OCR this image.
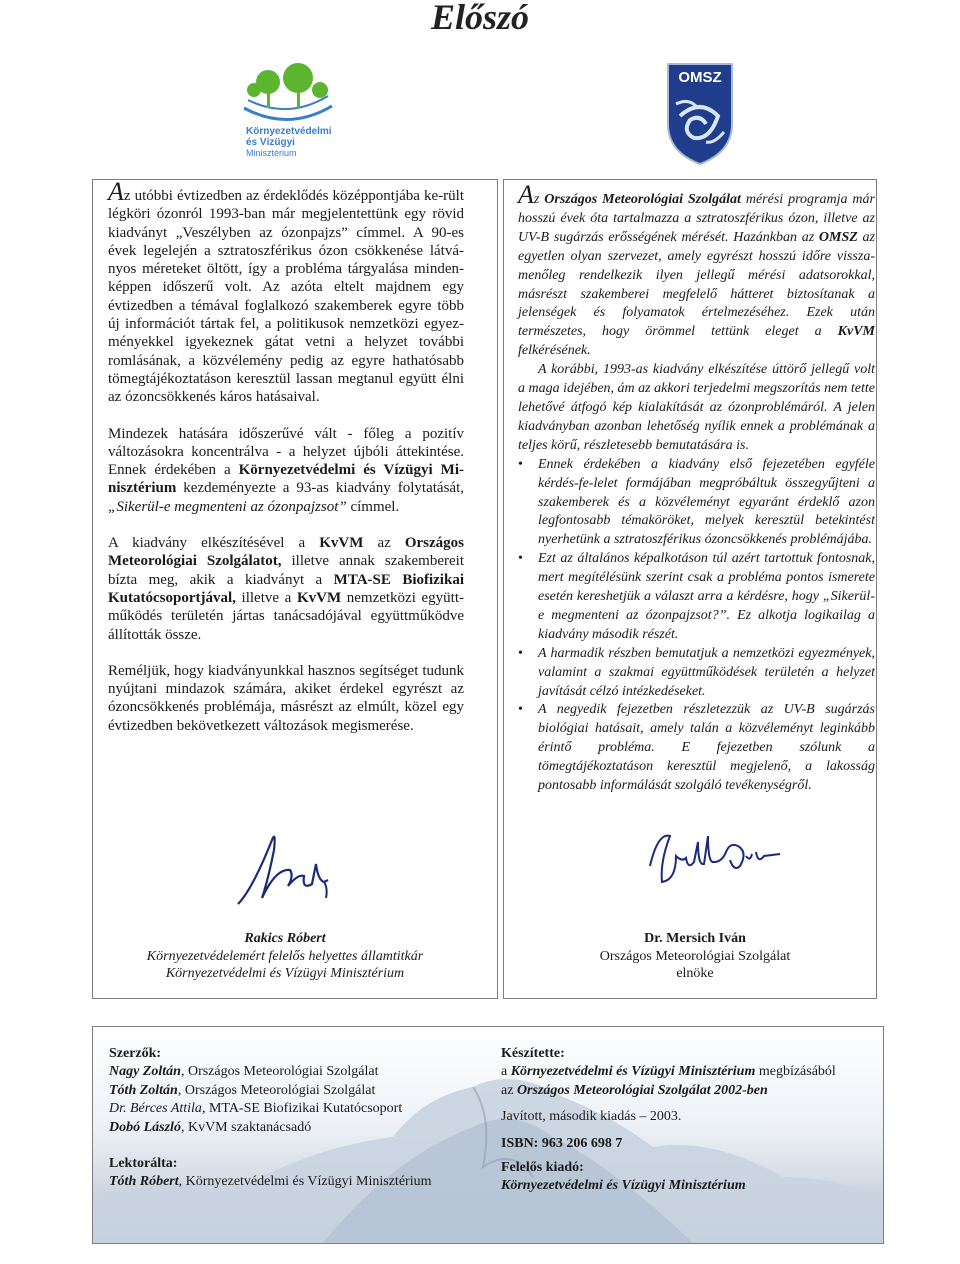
Előszó
Környezetvédelmi
és Vízügyi
Minisztérium
OMSZ

Az utóbbi évtizedben az érdeklődés középpontjába ke-rült légköri ózonról 1993-ban már megjelentettünk egy rövid kiadványt „Veszélyben az ózonpajzs” címmel. A 90-es évek legelején a sztratoszférikus ózon csökkenése látvá-nyos méreteket öltött, így a probléma tárgyalása minden-képpen időszerű volt. Az azóta eltelt majdnem egy évtizedben a témával foglalkozó szakemberek egyre több új információt tártak fel, a politikusok nemzetközi egyez-ményekkel igyekeznek gátat vetni a helyzet további romlásának, a közvélemény pedig az egyre hathatósabb tömegtájékoztatáson keresztül lassan megtanul együtt élni az ózoncsökkenés káros hatásaival.

Mindezek hatására időszerűvé vált - főleg a pozitív változásokra koncentrálva - a helyzet újbóli áttekintése. Ennek érdekében a Környezetvédelmi és Vízügyi Mi-nisztérium kezdeményezte a 93-as kiadvány folytatását, „Sikerül-e megmenteni az ózonpajzsot” címmel.

A kiadvány elkészítésével a KvVM az Országos Meteorológiai Szolgálatot, illetve annak szakembereit bízta meg, akik a kiadványt a MTA-SE Biofizikai Kutatócsoportjával, illetve a KvVM nemzetközi együtt-működés területén jártas tanácsadójával együttműködve állították össze.

Reméljük, hogy kiadványunkkal hasznos segítséget tudunk nyújtani mindazok számára, akiket érdekel egyrészt az ózoncsökkenés problémája, másrészt az elmúlt, közel egy évtizedben bekövetkezett változások megismerése.

Az Országos Meteorológiai Szolgálat mérési programja már hosszú évek óta tartalmazza a sztratoszférikus ózon, illetve az UV-B sugárzás erősségének mérését. Hazánkban az OMSZ az egyetlen olyan szervezet, amely egyrészt hosszú időre vissza-menőleg rendelkezik ilyen jellegű mérési adatsorokkal, másrészt szakemberei megfelelő hátteret biztosítanak a jelenségek és folyamatok értelmezéséhez. Ezek után természetes, hogy örömmel tettünk eleget a KvVM felkérésének.

A korábbi, 1993-as kiadvány elkészítése úttörő jellegű volt a maga idejében, ám az akkori terjedelmi megszorítás nem tette lehetővé átfogó kép kialakítását az ózonproblémáról. A jelen kiadványban azonban lehetőség nyílik ennek a problémának a teljes körű, részletesebb bemutatására is.

• Ennek érdekében a kiadvány első fejezetében egyféle kérdés-fe-lelet formájában megpróbáltuk összegyűjteni a szakemberek és a közvéleményt egyaránt érdeklő azon legfontosabb témaköröket, melyek keresztül betekintést nyerhetünk a sztratoszférikus ózoncsökkenés problémájába.
• Ezt az általános képalkotáson túl azért tartottuk fontosnak, mert megítélésünk szerint csak a probléma pontos ismerete esetén kereshetjük a választ arra a kérdésre, hogy „Sikerül-e megmenteni az ózonpajzsot?”. Ez alkotja logikailag a kiadvány második részét.
• A harmadik részben bemutatjuk a nemzetközi egyezmények, valamint a szakmai együttműködések területén a helyzet javítását célzó intézkedéseket.
• A negyedik fejezetben részletezzük az UV-B sugárzás biológiai hatásait, amely talán a közvéleményt leginkább érintő probléma. E fejezetben szólunk a tömegtájékoztatáson keresztül megjelenő, a lakosság pontosabb informálását szolgáló tevékenységről.
Rakics Róbert
Környezetvédelemért felelős helyettes államtitkár
Környezetvédelmi és Vízügyi Minisztérium
Dr. Mersich Iván
Országos Meteorológiai Szolgálat
elnöke
Szerzők:
Nagy Zoltán, Országos Meteorológiai Szolgálat
Tóth Zoltán, Országos Meteorológiai Szolgálat
Dr. Bérces Attila, MTA-SE Biofizikai Kutatócsoport
Dobó László, KvVM szaktanácsadó
Lektorálta:
Tóth Róbert, Környezetvédelmi és Vízügyi Minisztérium
Készítette:
a Környezetvédelmi és Vízügyi Minisztérium megbízásából
az Országos Meteorológiai Szolgálat 2002-ben
Javított, második kiadás – 2003.
ISBN: 963 206 698 7
Felelős kiadó:
Környezetvédelmi és Vízügyi Minisztérium
